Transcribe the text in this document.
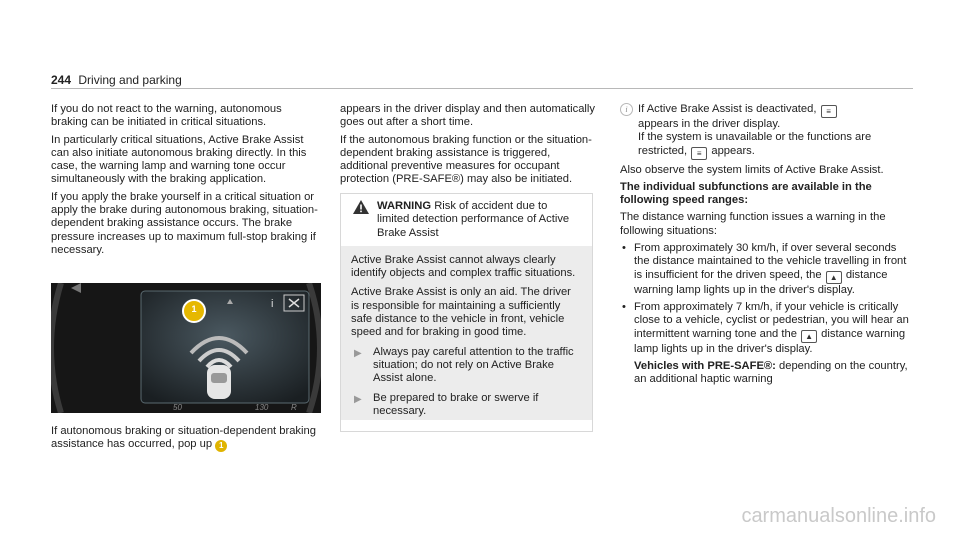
244 Driving and parking

If you do not react to the warning, autonomous braking can be initiated in critical situations.

In particularly critical situations, Active Brake Assist can also initiate autonomous braking directly. In this case, the warning lamp and warning tone occur simultaneously with the braking application.

If you apply the brake yourself in a critical situation or apply the brake during autonomous braking, situation-dependent braking assistance occurs. The brake pressure increases up to maximum full-stop braking if necessary.

i
1
50	130	R
If autonomous braking or situation-dependent braking assistance has occurred, pop up 1

appears in the driver display and then automatically goes out after a short time.

If the autonomous braking function or the situation-dependent braking assistance is triggered, additional preventive measures for occupant protection (PRE-SAFE®) may also be initiated.

WARNING Risk of accident due to limited detection performance of Active Brake Assist

Active Brake Assist cannot always clearly identify objects and complex traffic situations.

Active Brake Assist is only an aid. The driver is responsible for maintaining a sufficiently safe distance to the vehicle in front, vehicle speed and for braking in good time.

▶ Always pay careful attention to the traffic situation; do not rely on Active Brake Assist alone.

▶ Be prepared to brake or swerve if necessary.

i If Active Brake Assist is deactivated, ≡
appears in the driver display.
If the system is unavailable or the functions are restricted, ≡ appears.

Also observe the system limits of Active Brake Assist.

The individual subfunctions are available in the following speed ranges:

The distance warning function issues a warning in the following situations:

• From approximately 30 km/h, if over several seconds the distance maintained to the vehicle travelling in front is insufficient for the driven speed, the ▲ distance warning lamp lights up in the driver's display.

• From approximately 7 km/h, if your vehicle is critically close to a vehicle, cyclist or pedestrian, you will hear an intermittent warning tone and the ▲ distance warning lamp lights up in the driver's display.

Vehicles with PRE-SAFE®: depending on the country, an additional haptic warning

carmanualsonline.info
